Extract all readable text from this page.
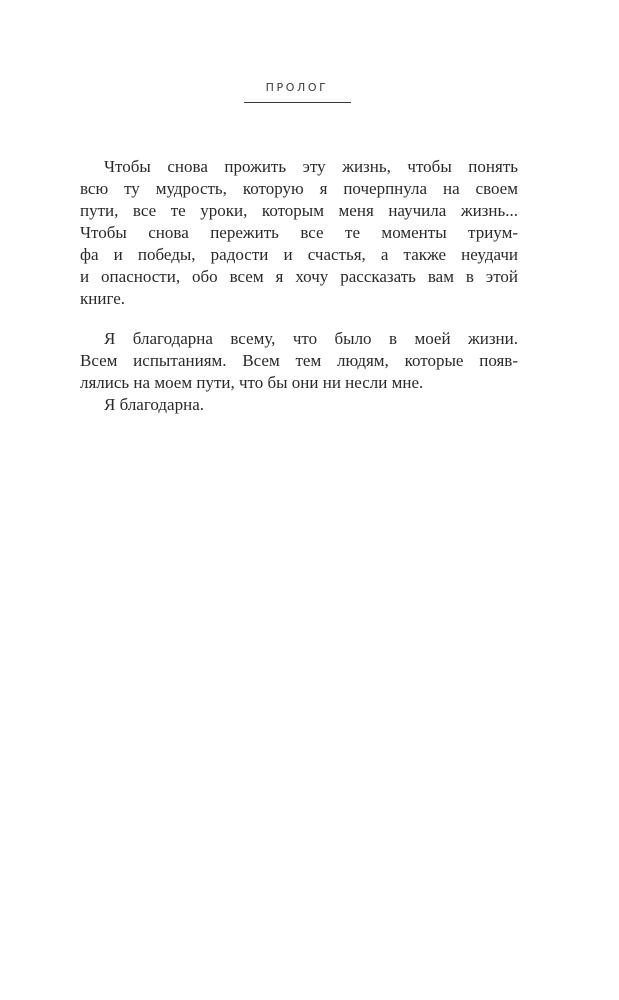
ПРОЛОГ
Чтобы снова прожить эту жизнь, чтобы понять
всю ту мудрость, которую я почерпнула на своем
пути, все те уроки, которым меня научила жизнь...
Чтобы снова пережить все те моменты триум-
фа и победы, радости и счастья, а также неудачи
и опасности, обо всем я хочу рассказать вам в этой
книге.
Я благодарна всему, что было в моей жизни.
Всем испытаниям. Всем тем людям, которые появ-
лялись на моем пути, что бы они ни несли мне.
Я благодарна.
